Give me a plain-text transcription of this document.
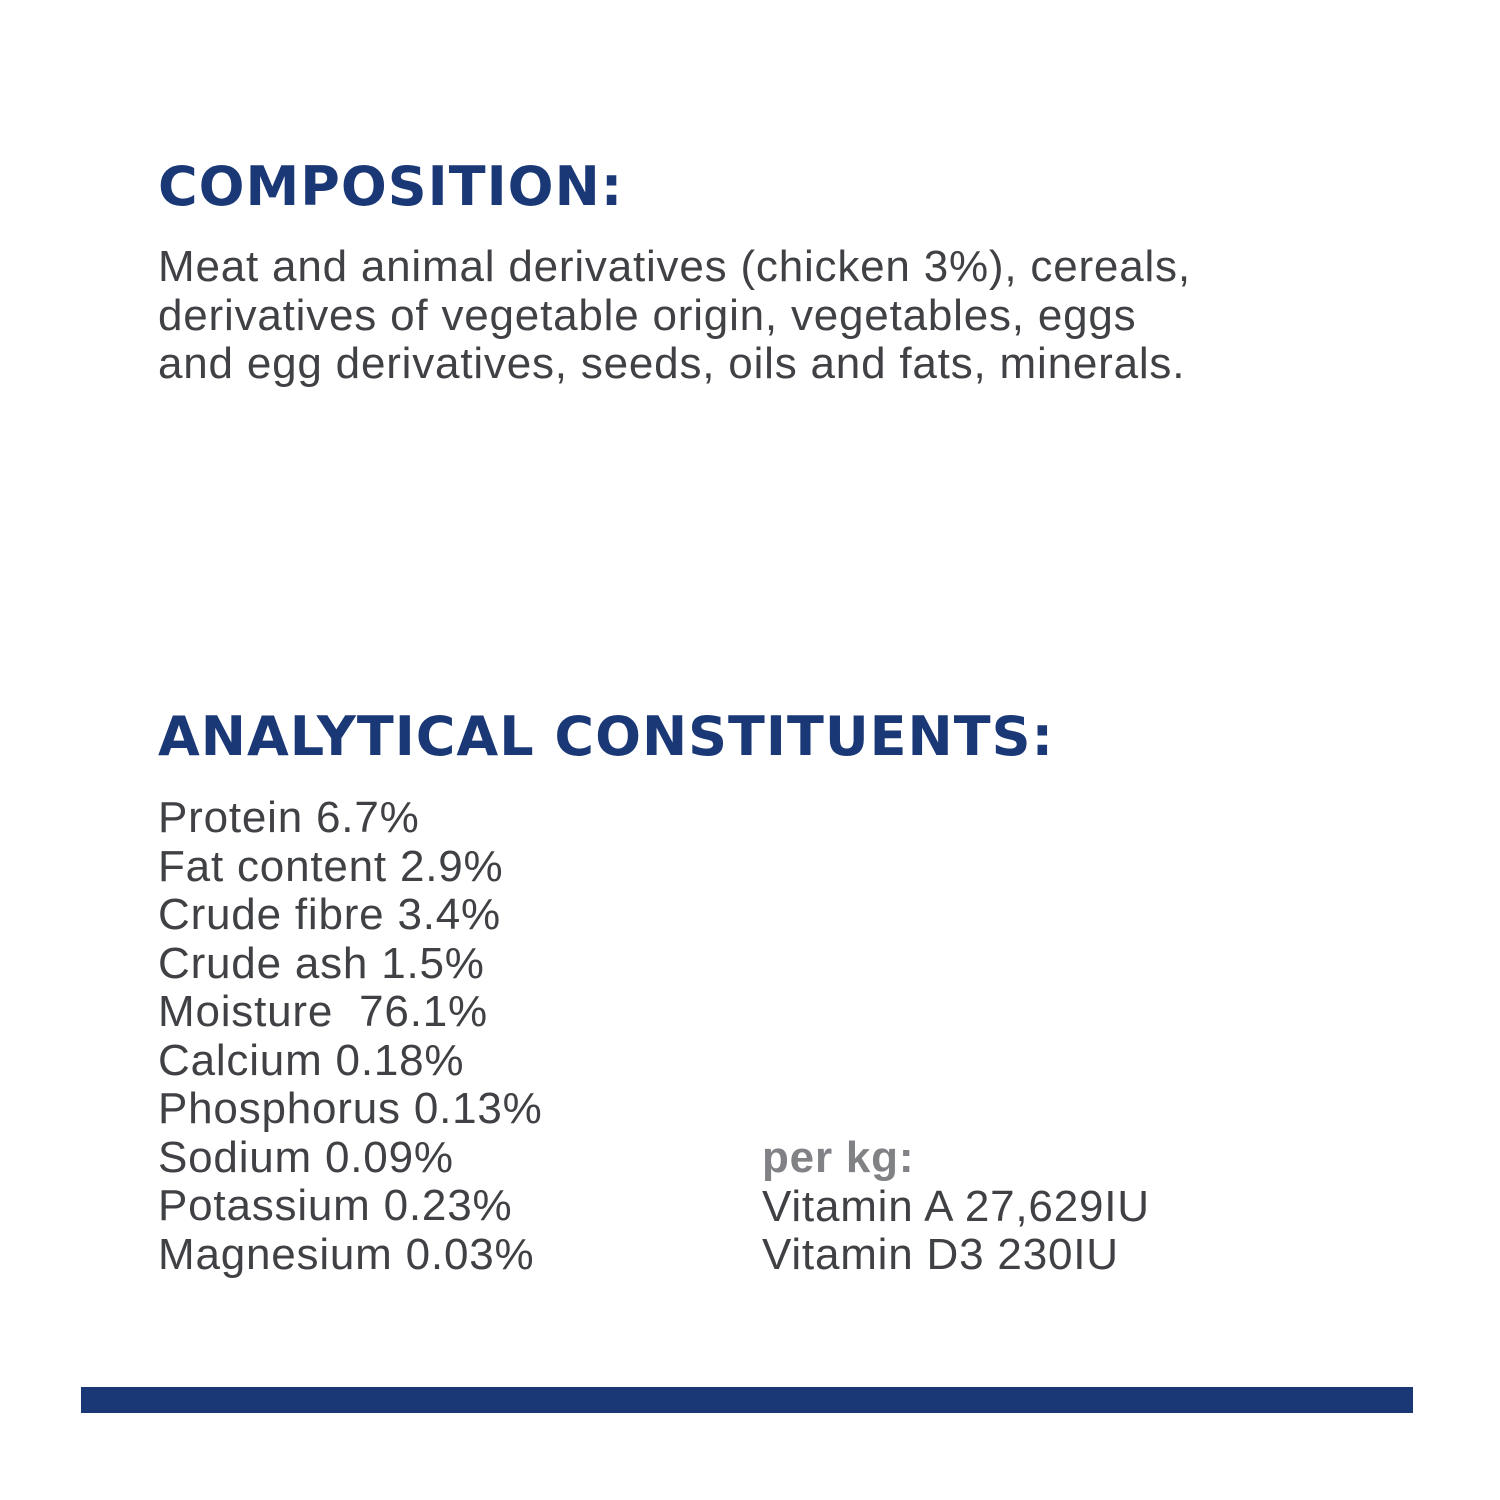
COMPOSITION:

Meat and animal derivatives (chicken 3%), cereals,
derivatives of vegetable origin, vegetables, eggs
and egg derivatives, seeds, oils and fats, minerals.

ANALYTICAL CONSTITUENTS:
Protein 6.7%
Fat content 2.9%
Crude fibre 3.4%
Crude ash 1.5%
Moisture  76.1%
Calcium 0.18%
Phosphorus 0.13%
Sodium 0.09%
Potassium 0.23%
Magnesium 0.03%
per kg:
Vitamin A 27,629IU
Vitamin D3 230IU
